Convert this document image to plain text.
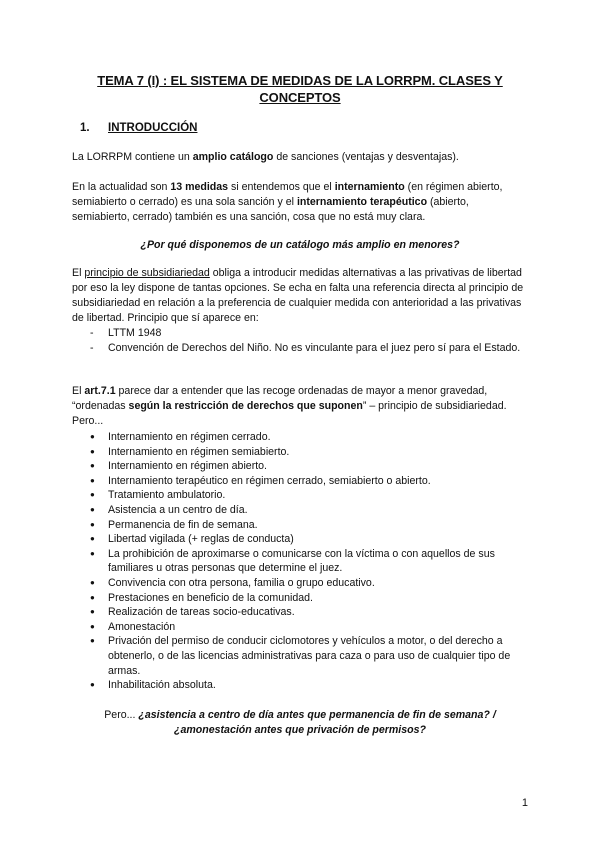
TEMA 7 (I) : EL SISTEMA DE MEDIDAS DE LA LORRPM. CLASES Y CONCEPTOS
1. INTRODUCCIÓN
La LORRPM contiene un amplio catálogo de sanciones (ventajas y desventajas).
En la actualidad son 13 medidas si entendemos que el internamiento (en régimen abierto, semiabierto o cerrado) es una sola sanción y el internamiento terapéutico (abierto, semiabierto, cerrado) también es una sanción, cosa que no está muy clara.
¿Por qué disponemos de un catálogo más amplio en menores?
El principio de subsidiariedad obliga a introducir medidas alternativas a las privativas de libertad por eso la ley dispone de tantas opciones. Se echa en falta una referencia directa al principio de subsidiariedad en relación a la preferencia de cualquier medida con anterioridad a las privativas de libertad. Principio que sí aparece en:
- LTTM 1948
- Convención de Derechos del Niño. No es vinculante para el juez pero sí para el Estado.
El art.7.1 parece dar a entender que las recoge ordenadas de mayor a menor gravedad, “ordenadas según la restricción de derechos que suponen” – principio de subsidiariedad. Pero...
● Internamiento en régimen cerrado.
● Internamiento en régimen semiabierto.
● Internamiento en régimen abierto.
● Internamiento terapéutico en régimen cerrado, semiabierto o abierto.
● Tratamiento ambulatorio.
● Asistencia a un centro de día.
● Permanencia de fin de semana.
● Libertad vigilada (+ reglas de conducta)
● La prohibición de aproximarse o comunicarse con la víctima o con aquellos de sus familiares u otras personas que determine el juez.
● Convivencia con otra persona, familia o grupo educativo.
● Prestaciones en beneficio de la comunidad.
● Realización de tareas socio-educativas.
● Amonestación
● Privación del permiso de conducir ciclomotores y vehículos a motor, o del derecho a obtenerlo, o de las licencias administrativas para caza o para uso de cualquier tipo de armas.
● Inhabilitación absoluta.
Pero... ¿asistencia a centro de día antes que permanencia de fin de semana? /
¿amonestación antes que privación de permisos?
1
